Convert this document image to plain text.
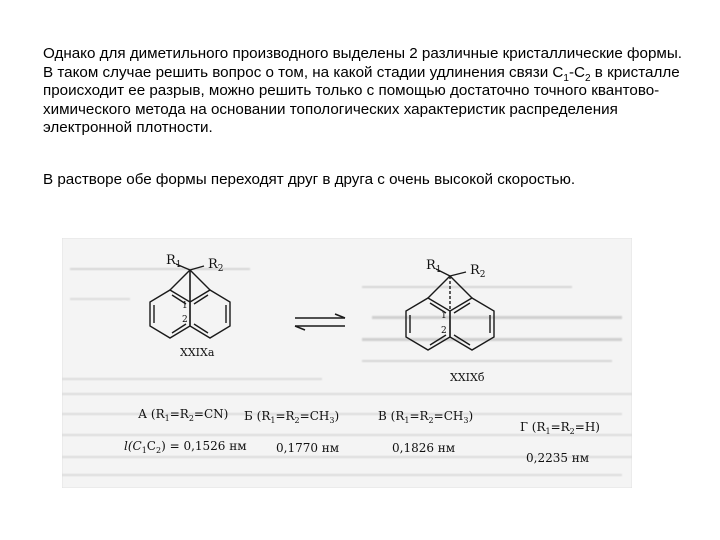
Однако для диметильного производного выделены 2 различные кристаллические формы. В таком случае решить вопрос о том, на какой стадии удлинения связи $С_1-С_2$ в кристалле происходит ее разрыв, можно решить только с помощью достаточно точного квантово-химического метода на основании топологических характеристик распределения электронной плотности.
В растворе обе формы переходят друг в друга с очень высокой скоростью.
$R_1$ $R_2$
1
2
XXIXa
$R_1$ $R_2$
1
2
XXIXб
А $(R_1=R_2=CN)$ Б $(R_1=R_2=CH_3)$	В $(R_1=R_2=CH_3)$
Г $(R_1=R_2=H)$
$l(C_1C_2) = 0,1526$ нм 0,1770 нм	0,1826 нм
0,2235 нм
